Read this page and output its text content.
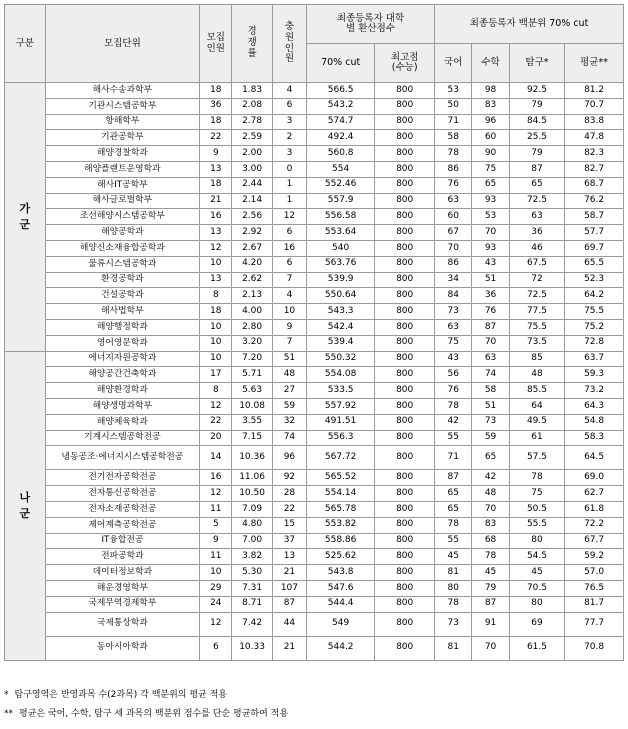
구분	모집단위	모집인원	경쟁률	충원인원	최종등록자 대학별 환산점수		최종등록자 백분위 70% cut			
					70% cut	최고점(수능)	국어	수학	탐구*	평균**
가군	해사수송과학부	18	1.83	4	566.5	800	53	98	92.5	81.2
	기관시스템공학부	36	2.08	6	543.2	800	50	83	79	70.7
	항해학부	18	2.78	3	574.7	800	71	96	84.5	83.8
	기관공학부	22	2.59	2	492.4	800	58	60	25.5	47.8
	해양경찰학과	9	2.00	3	560.8	800	78	90	79	82.3
	해양플랜트운영학과	13	3.00	0	554	800	86	75	87	82.7
	해사IT공학부	18	2.44	1	552.46	800	76	65	65	68.7
	해사글로벌학부	21	2.14	1	557.9	800	63	93	72.5	76.2
	조선해양시스템공학부	16	2.56	12	556.58	800	60	53	63	58.7
	해양공학과	13	2.92	6	553.64	800	67	70	36	57.7
	해양신소재융합공학과	12	2.67	16	540	800	70	93	46	69.7
	물류시스템공학과	10	4.20	6	563.76	800	86	43	67.5	65.5
	환경공학과	13	2.62	7	539.9	800	34	51	72	52.3
	건설공학과	8	2.13	4	550.64	800	84	36	72.5	64.2
	해사법학부	18	4.00	10	543.3	800	73	76	77.5	75.5
	해양행정학과	10	2.80	9	542.4	800	63	87	75.5	75.2
	영어영문학과	10	3.20	7	539.4	800	75	70	73.5	72.8
나군	에너지자원공학과	10	7.20	51	550.32	800	43	63	85	63.7
	해양공간건축학과	17	5.71	48	554.08	800	56	74	48	59.3
	해양환경학과	8	5.63	27	533.5	800	76	58	85.5	73.2
	해양생명과학부	12	10.08	59	557.92	800	78	51	64	64.3
	해양체육학과	22	3.55	32	491.51	800	42	73	49.5	54.8
	기계시스템공학전공	20	7.15	74	556.3	800	55	59	61	58.3
	냉동공조·에너지시스템공학전공	14	10.36	96	567.72	800	71	65	57.5	64.5
	전기전자공학전공	16	11.06	92	565.52	800	87	42	78	69.0
	전자통신공학전공	12	10.50	28	554.14	800	65	48	75	62.7
	전자소재공학전공	11	7.09	22	565.78	800	65	70	50.5	61.8
	제어계측공학전공	5	4.80	15	553.82	800	78	83	55.5	72.2
	IT융합전공	9	7.00	37	558.86	800	55	68	80	67.7
	전파공학과	11	3.82	13	525.62	800	45	78	54.5	59.2
	데이터정보학과	10	5.30	21	543.8	800	81	45	45	57.0
	해운경영학부	29	7.31	107	547.6	800	80	79	70.5	76.5
	국제무역경제학부	24	8.71	87	544.4	800	78	87	80	81.7
	국제통상학과	12	7.42	44	549	800	73	91	69	77.7
	동아시아학과	6	10.33	21	544.2	800	81	70	61.5	70.8
* 탐구영역은 반영과목 수(2과목) 각 백분위의 평균 적용
** 평균은 국어, 수학, 탐구 세 과목의 백분위 점수를 단순 평균하여 적용
